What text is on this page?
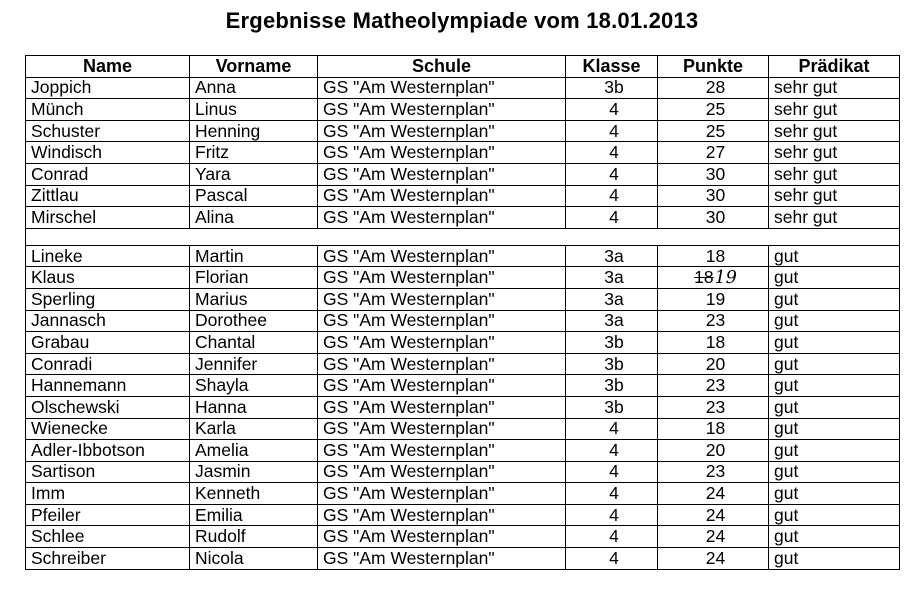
Ergebnisse Matheolympiade vom 18.01.2013
Name	Vorname	Schule	Klasse	Punkte	Prädikat
Joppich	Anna	GS "Am Westernplan"	3b	28	sehr gut
Münch	Linus	GS "Am Westernplan"	4	25	sehr gut
Schuster	Henning	GS "Am Westernplan"	4	25	sehr gut
Windisch	Fritz	GS "Am Westernplan"	4	27	sehr gut
Conrad	Yara	GS "Am Westernplan"	4	30	sehr gut
Zittlau	Pascal	GS "Am Westernplan"	4	30	sehr gut
Mirschel	Alina	GS "Am Westernplan"	4	30	sehr gut

Lineke	Martin	GS "Am Westernplan"	3a	18	gut
Klaus	Florian	GS "Am Westernplan"	3a	1819	gut
Sperling	Marius	GS "Am Westernplan"	3a	19	gut
Jannasch	Dorothee	GS "Am Westernplan"	3a	23	gut
Grabau	Chantal	GS "Am Westernplan"	3b	18	gut
Conradi	Jennifer	GS "Am Westernplan"	3b	20	gut
Hannemann	Shayla	GS "Am Westernplan"	3b	23	gut
Olschewski	Hanna	GS "Am Westernplan"	3b	23	gut
Wienecke	Karla	GS "Am Westernplan"	4	18	gut
Adler-Ibbotson	Amelia	GS "Am Westernplan"	4	20	gut
Sartison	Jasmin	GS "Am Westernplan"	4	23	gut
Imm	Kenneth	GS "Am Westernplan"	4	24	gut
Pfeiler	Emilia	GS "Am Westernplan"	4	24	gut
Schlee	Rudolf	GS "Am Westernplan"	4	24	gut
Schreiber	Nicola	GS "Am Westernplan"	4	24	gut
